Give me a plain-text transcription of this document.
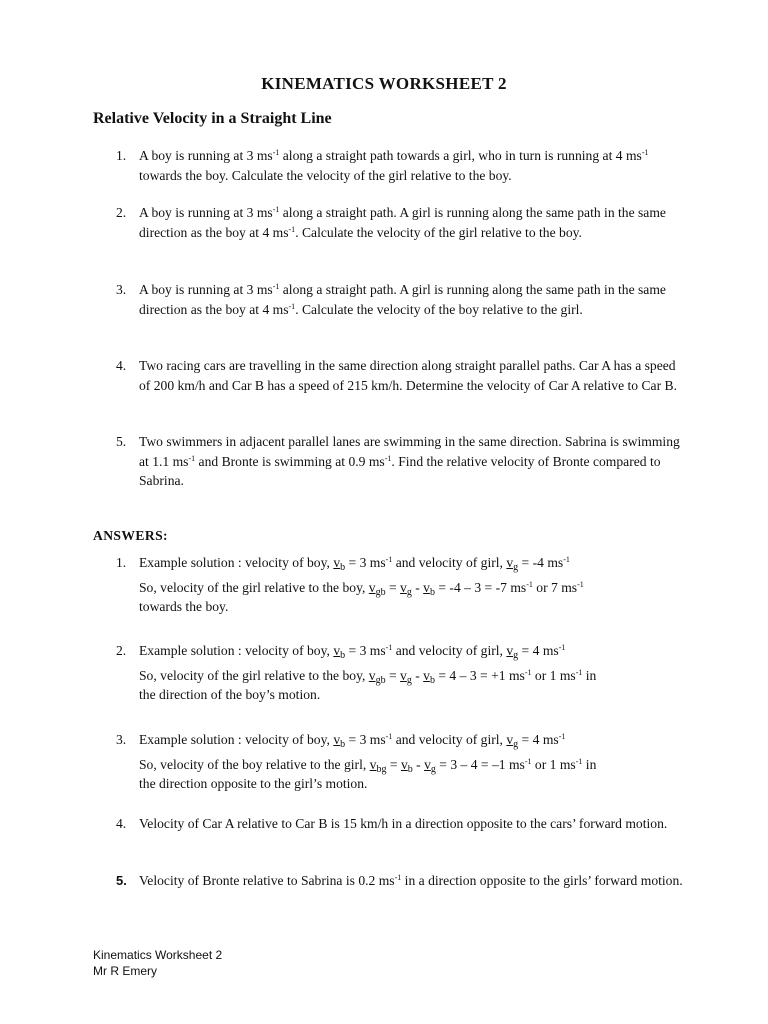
KINEMATICS WORKSHEET 2
Relative Velocity in a Straight Line
1. A boy is running at 3 $ms^{-1}$ along a straight path towards a girl, who in turn is running at 4 $ms^{-1}$ towards the boy. Calculate the velocity of the girl relative to the boy.
2. A boy is running at 3 $ms^{-1}$ along a straight path. A girl is running along the same path in the same direction as the boy at 4 $ms^{-1}$. Calculate the velocity of the girl relative to the boy.
3. A boy is running at 3 $ms^{-1}$ along a straight path. A girl is running along the same path in the same direction as the boy at 4 $ms^{-1}$. Calculate the velocity of the boy relative to the girl.
4. Two racing cars are travelling in the same direction along straight parallel paths. Car A has a speed of 200 km/h and Car B has a speed of 215 km/h. Determine the velocity of Car A relative to Car B.
5. Two swimmers in adjacent parallel lanes are swimming in the same direction. Sabrina is swimming at 1.1 $ms^{-1}$ and Bronte is swimming at 0.9 $ms^{-1}$. Find the relative velocity of Bronte compared to Sabrina.
ANSWERS:
1. Example solution : velocity of boy, $v_b = 3$ $ms^{-1}$ and velocity of girl, $v_g = -4$ $ms^{-1}$
So, velocity of the girl relative to the boy, $v_{gb} = v_g - v_b = -4 - 3 = -7$ $ms^{-1}$ or 7 $ms^{-1}$
towards the boy.
2. Example solution : velocity of boy, $v_b = 3$ $ms^{-1}$ and velocity of girl, $v_g = 4$ $ms^{-1}$
So, velocity of the girl relative to the boy, $v_{gb} = v_g - v_b = 4 - 3 = +1$ $ms^{-1}$ or 1 $ms^{-1}$ in
the direction of the boy’s motion.
3. Example solution : velocity of boy, $v_b = 3$ $ms^{-1}$ and velocity of girl, $v_g = 4$ $ms^{-1}$
So, velocity of the boy relative to the girl, $v_{bg} = v_b - v_g = 3 - 4 = -1$ $ms^{-1}$ or 1 $ms^{-1}$ in
the direction opposite to the girl’s motion.
4. Velocity of Car A relative to Car B is 15 km/h in a direction opposite to the cars’ forward motion.
5. Velocity of Bronte relative to Sabrina is 0.2 $ms^{-1}$ in a direction opposite to the girls’ forward motion.
Kinematics Worksheet 2
Mr R Emery
